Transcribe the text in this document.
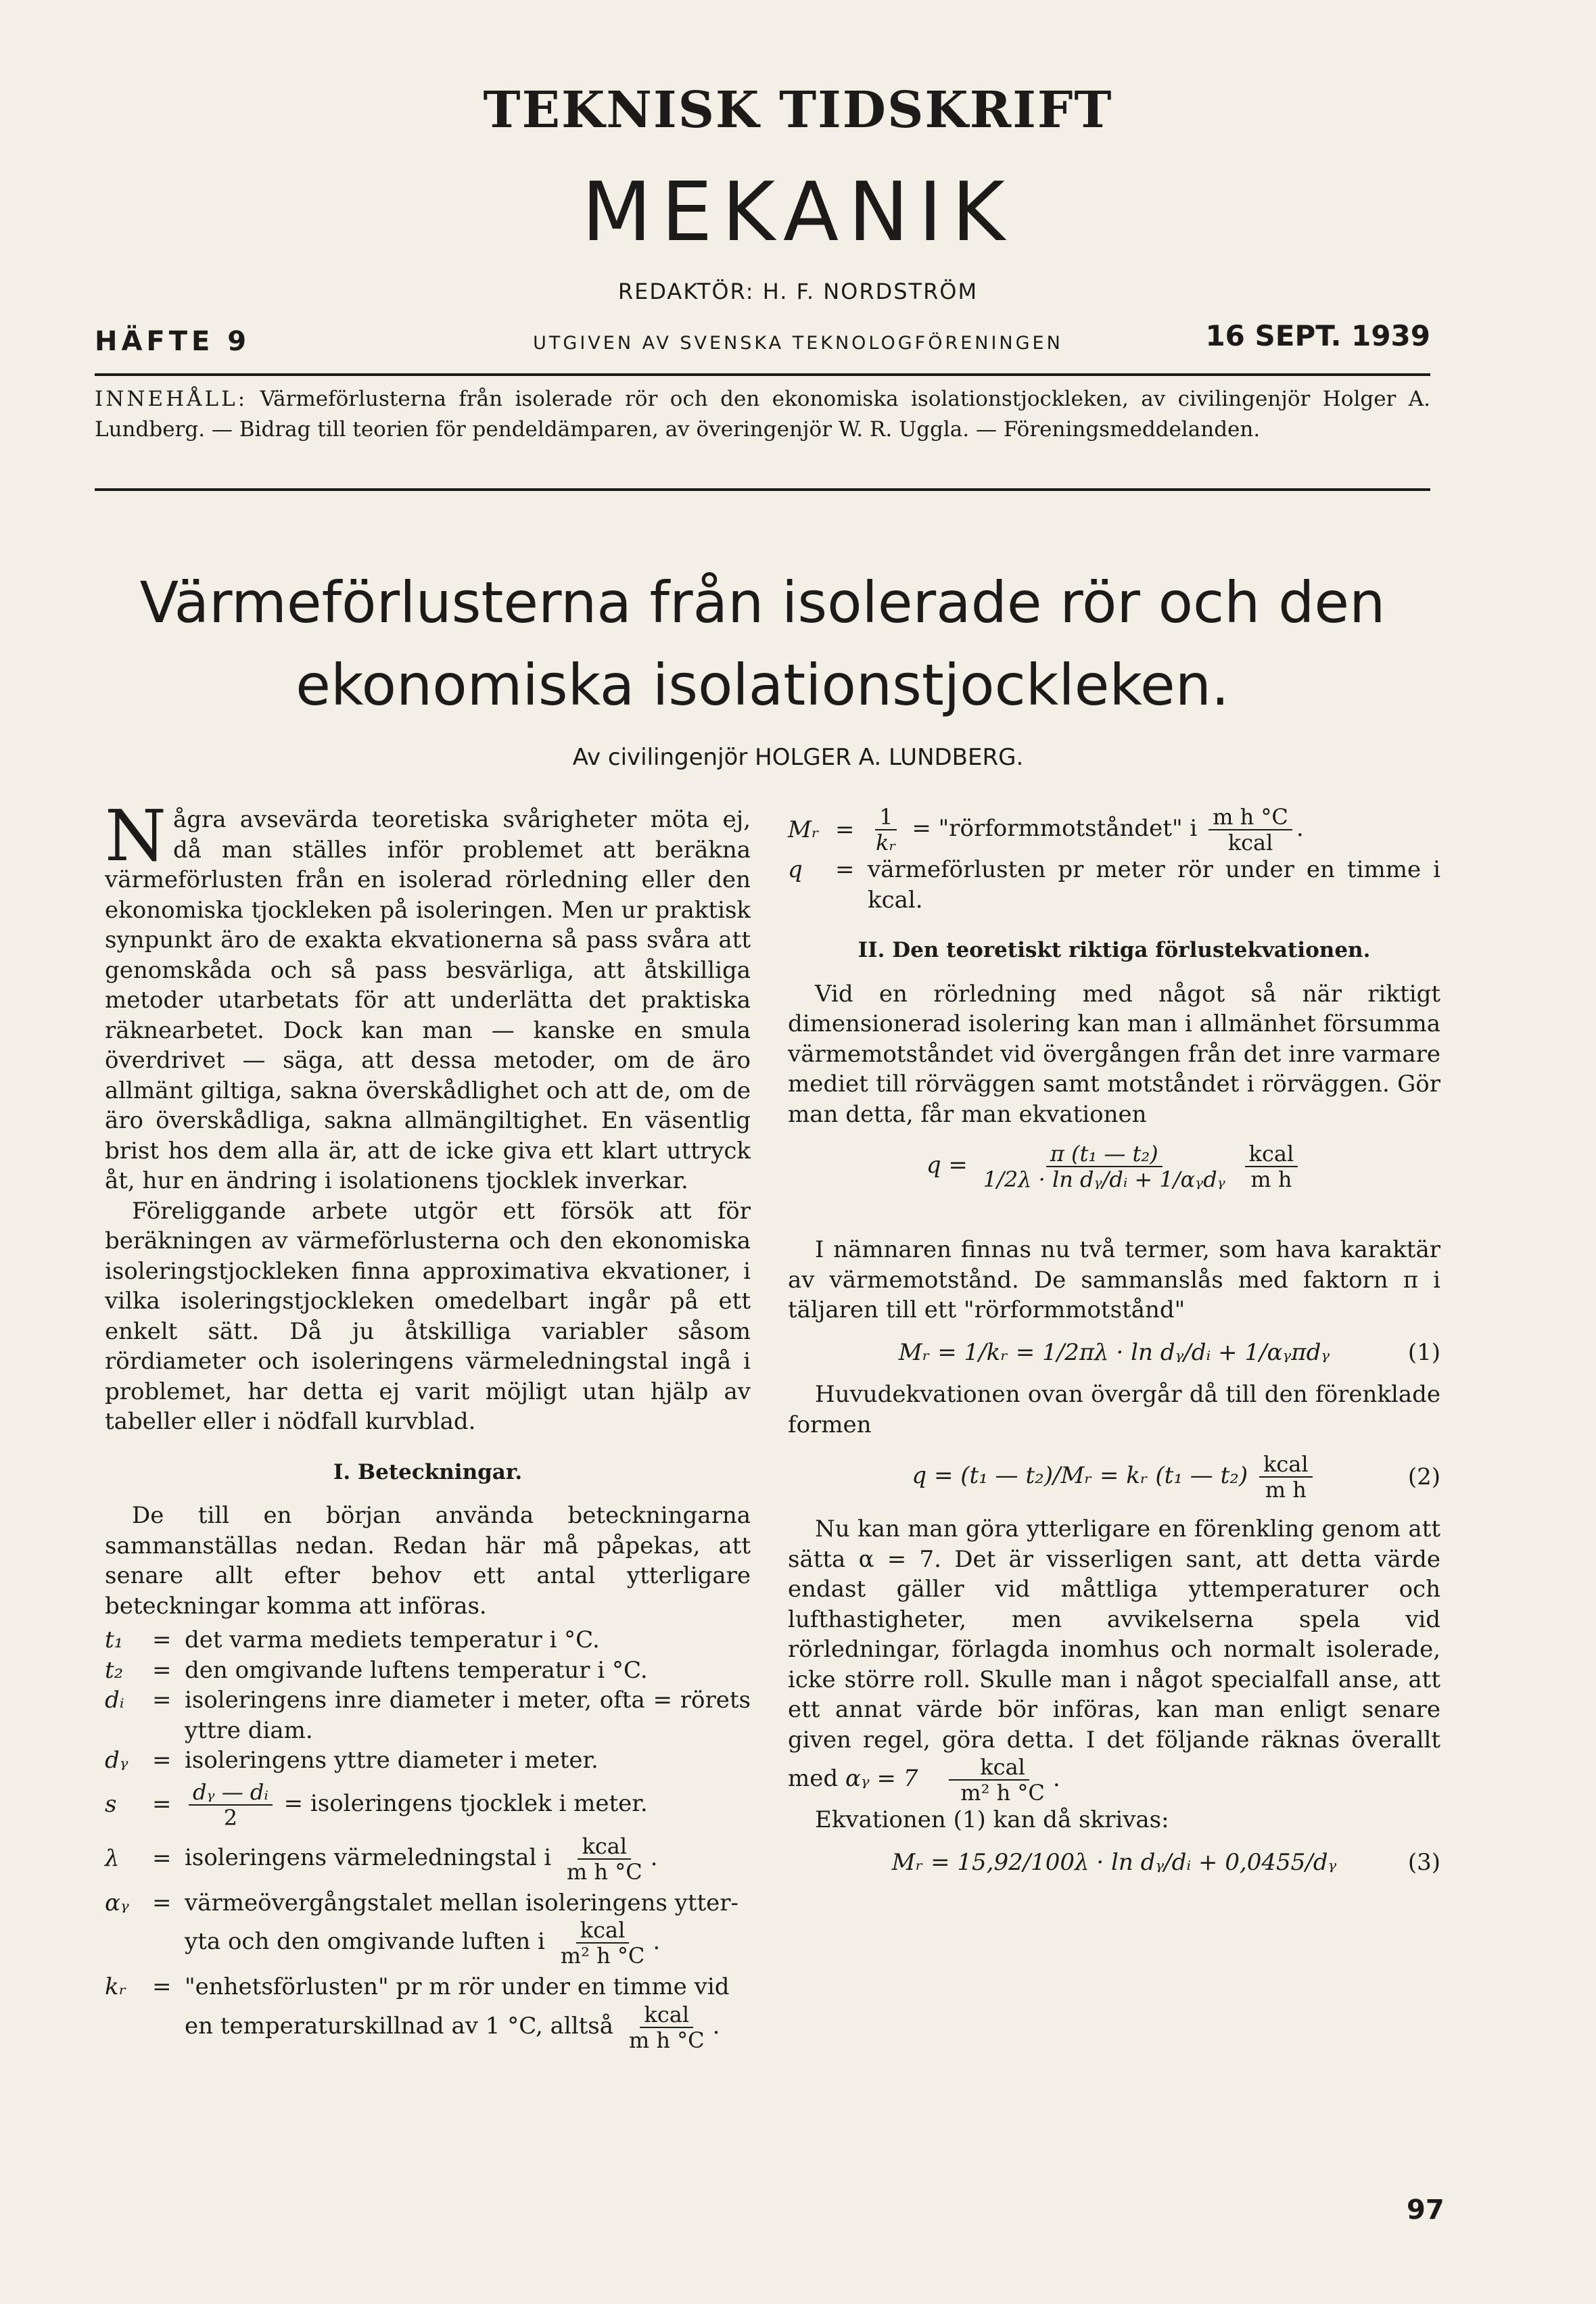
TEKNISK TIDSKRIFT
MEKANIK
REDAKTÖR: H. F. NORDSTRÖM
HÄFTE 9	UTGIVEN AV SVENSKA TEKNOLOGFÖRENINGEN	16 SEPT. 1939
INNEHÅLL: Värmeförlusterna från isolerade rör och den ekonomiska isolationstjockleken, av civilingenjör Holger A. Lundberg. — Bidrag till teorien för pendeldämparen, av överingenjör W. R. Uggla. — Föreningsmeddelanden.
Värmeförlusterna från isolerade rör och den
ekonomiska isolationstjockleken.
Av civilingenjör HOLGER A. LUNDBERG.

Några avsevärda teoretiska svårigheter möta ej, då man ställes inför problemet att beräkna värmeförlusten från en isolerad rörledning eller den ekonomiska tjockleken på isoleringen. Men ur praktisk synpunkt äro de exakta ekvationerna så pass svåra att genomskåda och så pass besvärliga, att åtskilliga metoder utarbetats för att underlätta det praktiska räknearbetet. Dock kan man — kanske en smula överdrivet — säga, att dessa metoder, om de äro allmänt giltiga, sakna överskådlighet och att de, om de äro överskådliga, sakna allmängiltighet. En väsentlig brist hos dem alla är, att de icke giva ett klart uttryck åt, hur en ändring i isolationens tjocklek inverkar.

Föreliggande arbete utgör ett försök att för beräkningen av värmeförlusterna och den ekonomiska isoleringstjockleken finna approximativa ekvationer, i vilka isoleringstjockleken omedelbart ingår på ett enkelt sätt. Då ju åtskilliga variabler såsom rördiameter och isoleringens värmeledningstal ingå i problemet, har detta ej varit möjligt utan hjälp av tabeller eller i nödfall kurvblad.

I. Beteckningar.

De till en början använda beteckningarna sammanställas nedan. Redan här må påpekas, att senare allt efter behov ett antal ytterligare beteckningar komma att införas.

t₁	= det varma mediets temperatur i °C.
t₂	= den omgivande luftens temperatur i °C.
dᵢ	= isoleringens inre diameter i meter, ofta = rörets yttre diam.
dᵧ	= isoleringens yttre diameter i meter.
s	= $\frac{\text{dᵧ — dᵢ}}{2}$ = isoleringens tjocklek i meter.
λ	= isoleringens värmeledningstal i $\frac{\text{kcal}}{\text{m h °C}}$ .
αᵧ	= värmeövergångstalet mellan isoleringens ytter-
yta och den omgivande luften i $\frac{\text{kcal}}{\text{m² h °C}}$ .
kᵣ	= "enhetsförlusten" pr m rör under en timme vid
en temperaturskillnad av 1 °C, alltså $\frac{\text{kcal}}{\text{m h °C}}$ .
Mᵣ = $\frac{1}{\text{kᵣ}}$ = "rörformmotståndet" i $\frac{\text{m h °C}}{\text{kcal}}$ .
q	= värmeförlusten pr meter rör under en timme i kcal.

II. Den teoretiskt riktiga förlustekvationen.

Vid en rörledning med något så när riktigt dimensionerad isolering kan man i allmänhet försumma värmemotståndet vid övergången från det inre varmare mediet till rörväggen samt motståndet i rörväggen. Gör man detta, får man ekvationen

$q = \frac{\text{π (t₁ — t₂)}}{\text{1/2λ · ln dᵧ/dᵢ + 1/αᵧdᵧ}}$
$\frac{\text{kcal}}{\text{m h}}$

I nämnaren finnas nu två termer, som hava karaktär av värmemotstånd. De sammanslås med faktorn π i täljaren till ett "rörformmotstånd"

Mᵣ = 1/kᵣ = 1/2πλ · ln dᵧ/dᵢ + 1/αᵧπdᵧ	(1)

Huvudekvationen ovan övergår då till den förenklade formen

q = (t₁ — t₂)/Mᵣ = kᵣ (t₁ — $t_2) \frac{\text{kcal}}{\text{m h}}$	(2)

Nu kan man göra ytterligare en förenkling genom att sätta α = 7. Det är visserligen sant, att detta värde endast gäller vid måttliga yttemperaturer och lufthastigheter, men avvikelserna spela vid rörledningar, förlagda inomhus och normalt isolerade, icke större roll. Skulle man i något specialfall anse, att ett annat värde bör införas, kan man enligt senare given regel, göra detta. I det följande räknas överallt med αᵧ = $7 \frac{\text{kcal}}{\text{m² h °C}}$ .

Ekvationen (1) kan då skrivas:

Mᵣ = 15,92/100λ · ln dᵧ/dᵢ + 0,0455/dᵧ	(3)
97
